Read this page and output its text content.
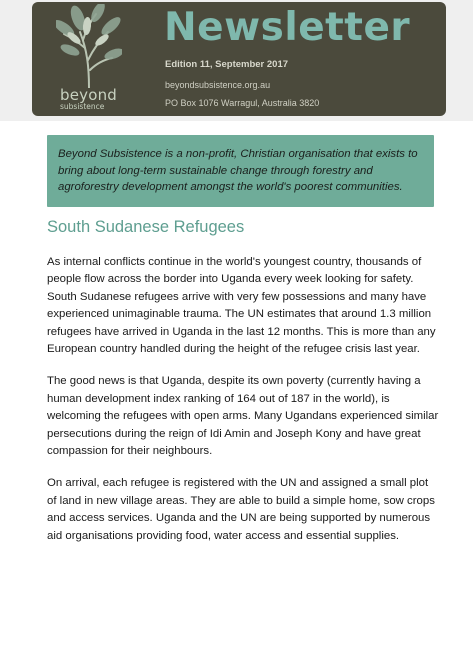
beyond
subsistence
Newsletter
Edition 11, September 2017
beyondsubsistence.org.au
PO Box 1076 Warragul, Australia 3820

Beyond Subsistence is a non-profit, Christian organisation that exists to bring about long-term sustainable change through forestry and agroforestry development amongst the world's poorest communities.

South Sudanese Refugees

As internal conflicts continue in the world's youngest country, thousands of people flow across the border into Uganda every week looking for safety. South Sudanese refugees arrive with very few possessions and many have experienced unimaginable trauma. The UN estimates that around 1.3 million refugees have arrived in Uganda in the last 12 months. This is more than any European country handled during the height of the refugee crisis last year.

The good news is that Uganda, despite its own poverty (currently having a human development index ranking of 164 out of 187 in the world), is welcoming the refugees with open arms. Many Ugandans experienced similar persecutions during the reign of Idi Amin and Joseph Kony and have great compassion for their neighbours.

On arrival, each refugee is registered with the UN and assigned a small plot of land in new village areas. They are able to build a simple home, sow crops and access services. Uganda and the UN are being supported by numerous aid organisations providing food, water access and essential supplies.
